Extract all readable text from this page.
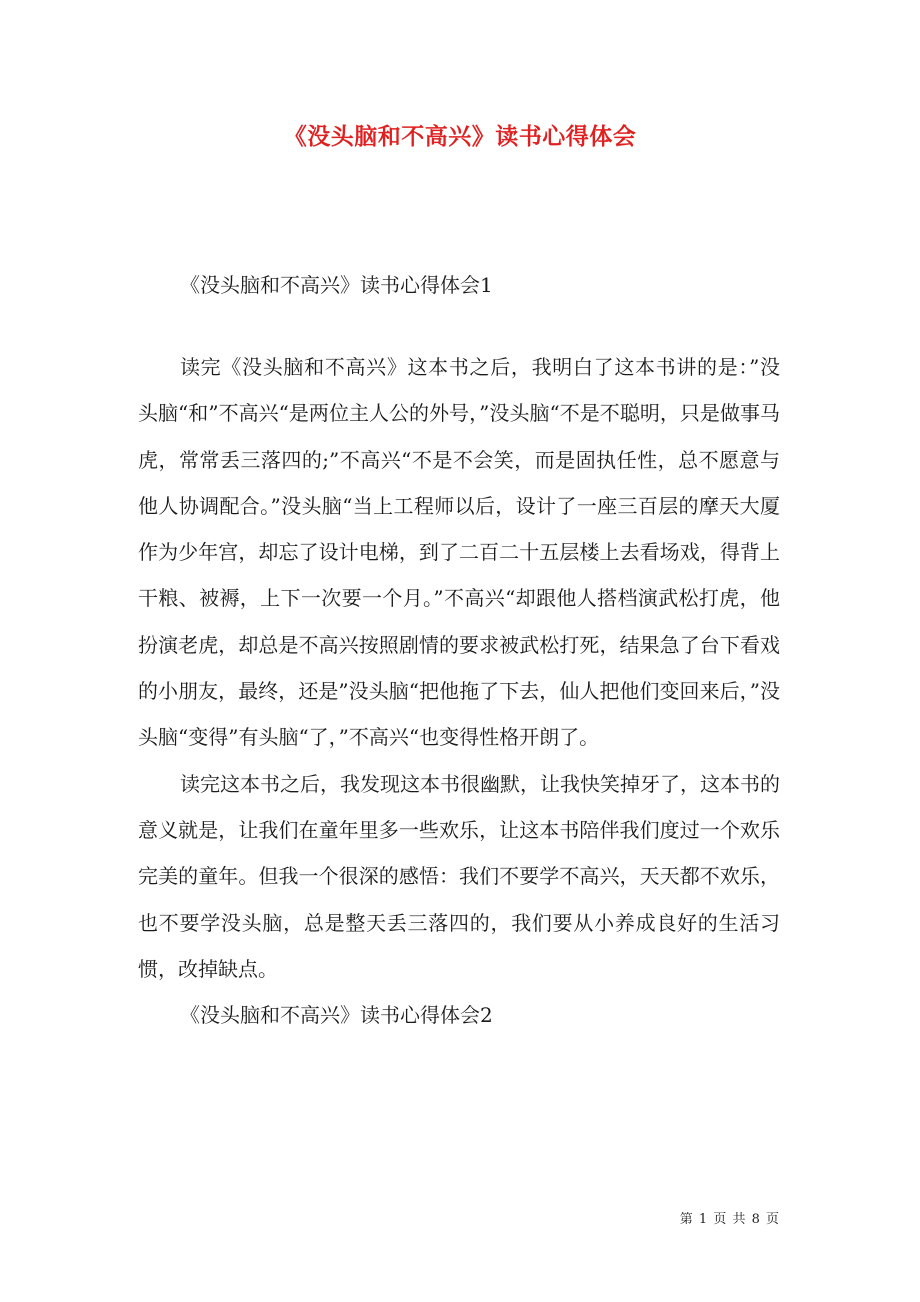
《没头脑和不高兴》读书心得体会

《没头脑和不高兴》读书心得体会1

读完《没头脑和不高兴》这本书之后，我明白了这本书讲的是：”没头脑“和”不高兴“是两位主人公的外号，”没头脑“不是不聪明，只是做事马虎，常常丢三落四的;”不高兴“不是不会笑，而是固执任性，总不愿意与他人协调配合。”没头脑“当上工程师以后，设计了一座三百层的摩天大厦作为少年宫，却忘了设计电梯，到了二百二十五层楼上去看场戏，得背上干粮、被褥，上下一次要一个月。”不高兴“却跟他人搭档演武松打虎，他扮演老虎，却总是不高兴按照剧情的要求被武松打死，结果急了台下看戏的小朋友，最终，还是”没头脑“把他拖了下去，仙人把他们变回来后，”没头脑“变得”有头脑“了，”不高兴“也变得性格开朗了。

读完这本书之后，我发现这本书很幽默，让我快笑掉牙了，这本书的意义就是，让我们在童年里多一些欢乐，让这本书陪伴我们度过一个欢乐完美的童年。但我一个很深的感悟：我们不要学不高兴，天天都不欢乐，也不要学没头脑，总是整天丢三落四的，我们要从小养成良好的生活习惯，改掉缺点。

《没头脑和不高兴》读书心得体会2

第 1 页 共 8 页
